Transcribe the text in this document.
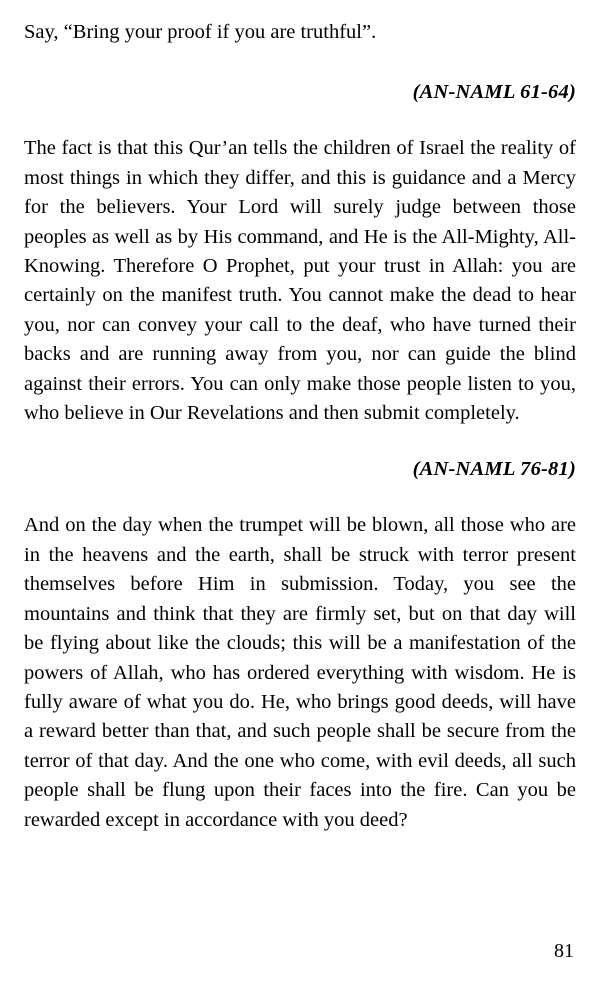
Say, “Bring your proof if you are truthful”.

(AN-NAML 61-64)

The fact is that this Qur’an tells the children of Israel the reality of most things in which they differ, and this is guidance and a Mercy for the believers. Your Lord will surely judge between those peoples as well as by His command, and He is the All-Mighty, All-Knowing. Therefore O Prophet, put your trust in Allah: you are certainly on the manifest truth. You cannot make the dead to hear you, nor can convey your call to the deaf, who have turned their backs and are running away from you, nor can guide the blind against their errors. You can only make those people listen to you, who believe in Our Revelations and then submit completely.

(AN-NAML 76-81)

And on the day when the trumpet will be blown, all those who are in the heavens and the earth, shall be struck with terror present themselves before Him in submission. Today, you see the mountains and think that they are firmly set, but on that day will be flying about like the clouds; this will be a manifestation of the powers of Allah, who has ordered everything with wisdom. He is fully aware of what you do. He, who brings good deeds, will have a reward better than that, and such people shall be secure from the terror of that day. And the one who come, with evil deeds, all such people shall be flung upon their faces into the fire. Can you be rewarded except in accordance with you deed?

81
